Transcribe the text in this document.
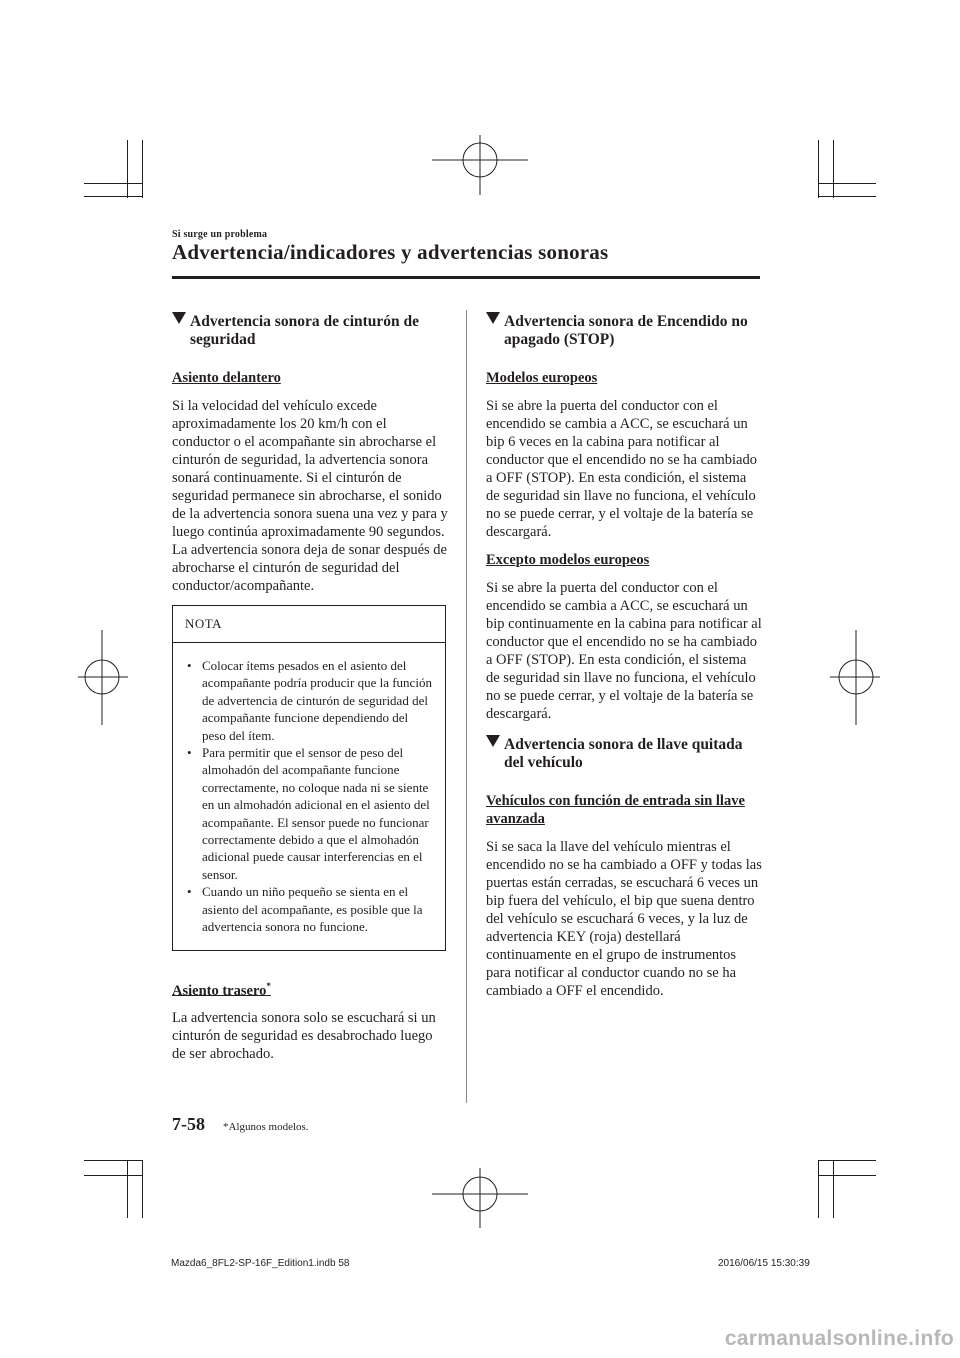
Si surge un problema
Advertencia/indicadores y advertencias sonoras
Advertencia sonora de cinturón de seguridad
Asiento delantero

Si la velocidad del vehículo excede aproximadamente los 20 km/h con el conductor o el acompañante sin abrocharse el cinturón de seguridad, la advertencia sonora sonará continuamente. Si el cinturón de seguridad permanece sin abrocharse, el sonido de la advertencia sonora suena una vez y para y luego continúa aproximadamente 90 segundos. La advertencia sonora deja de sonar después de abrocharse el cinturón de seguridad del conductor/acompañante.

NOTA
• Colocar ítems pesados en el asiento del acompañante podría producir que la función de advertencia de cinturón de seguridad del acompañante funcione dependiendo del peso del ítem.
• Para permitir que el sensor de peso del almohadón del acompañante funcione correctamente, no coloque nada ni se siente en un almohadón adicional en el asiento del acompañante. El sensor puede no funcionar correctamente debido a que el almohadón adicional puede causar interferencias en el sensor.
• Cuando un niño pequeño se sienta en el asiento del acompañante, es posible que la advertencia sonora no funcione.
Asiento trasero*

La advertencia sonora solo se escuchará si un cinturón de seguridad es desabrochado luego de ser abrochado.

Advertencia sonora de Encendido no apagado (STOP)
Modelos europeos

Si se abre la puerta del conductor con el encendido se cambia a ACC, se escuchará un bip 6 veces en la cabina para notificar al conductor que el encendido no se ha cambiado a OFF (STOP). En esta condición, el sistema de seguridad sin llave no funciona, el vehículo no se puede cerrar, y el voltaje de la batería se descargará.

Excepto modelos europeos

Si se abre la puerta del conductor con el encendido se cambia a ACC, se escuchará un bip continuamente en la cabina para notificar al conductor que el encendido no se ha cambiado a OFF (STOP). En esta condición, el sistema de seguridad sin llave no funciona, el vehículo no se puede cerrar, y el voltaje de la batería se descargará.

Advertencia sonora de llave quitada del vehículo
Vehículos con función de entrada sin llave avanzada

Si se saca la llave del vehículo mientras el encendido no se ha cambiado a OFF y todas las puertas están cerradas, se escuchará 6 veces un bip fuera del vehículo, el bip que suena dentro del vehículo se escuchará 6 veces, y la luz de advertencia KEY (roja) destellará continuamente en el grupo de instrumentos para notificar al conductor cuando no se ha cambiado a OFF el encendido.

7-58 *Algunos modelos.
Mazda6_8FL2-SP-16F_Edition1.indb 58	2016/06/15 15:30:39
carmanualsonline.info
